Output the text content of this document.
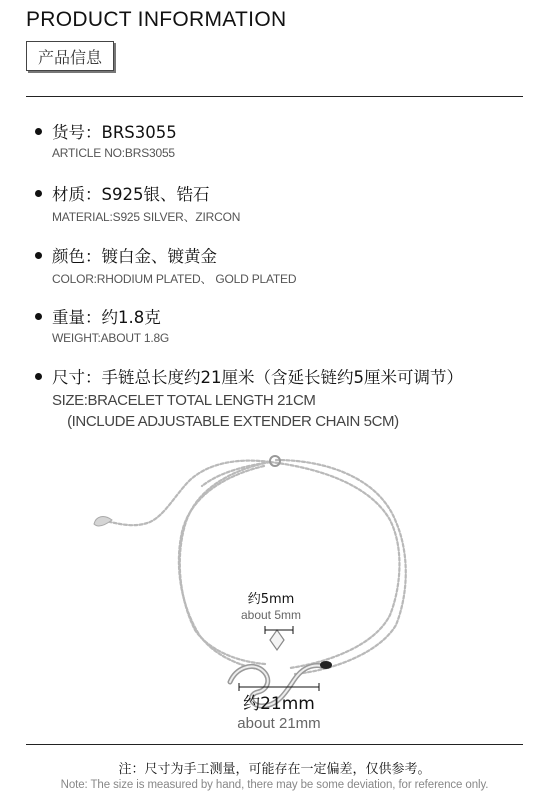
PRODUCT INFORMATION
产品信息
货号：BRS3055
ARTICLE NO:BRS3055
材质：S925银、锆石
MATERIAL:S925 SILVER、ZIRCON
颜色：镀白金、镀黄金
COLOR:RHODIUM PLATED、 GOLD PLATED
重量：约1.8克
WEIGHT:ABOUT 1.8G
尺寸：手链总长度约21厘米（含延长链约5厘米可调节）
SIZE:BRACELET TOTAL LENGTH 21CM
(INCLUDE ADJUSTABLE EXTENDER CHAIN 5CM)
约5mm
about 5mm
约21mm
about 21mm
注：尺寸为手工测量，可能存在一定偏差，仅供参考。
Note: The size is measured by hand, there may be some deviation, for reference only.
